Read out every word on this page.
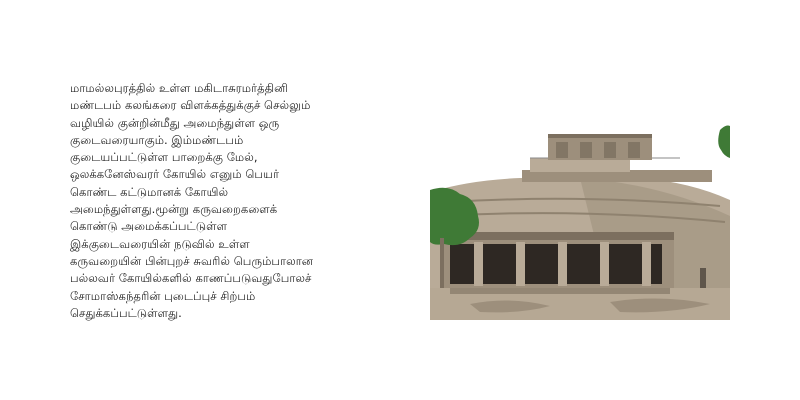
மாமல்லபுரத்தில் உள்ள மகிடாசுரமர்த்தினி
மண்டபம் கலங்கரை விளக்கத்துக்குச் செல்லும்
வழியில் குன்றின்மீது அமைந்துள்ள ஒரு
குடைவரையாகும். இம்மண்டபம்
குடையப்பட்டுள்ள பாறைக்கு மேல்,
ஒலக்கனேஸ்வரர் கோயில் எனும் பெயர்
கொண்ட கட்டுமானக் கோயில்
அமைந்துள்ளது.மூன்று கருவறைகளைக்
கொண்டு அமைக்கப்பட்டுள்ள
இக்குடைவரையின் நடுவில் உள்ள
கருவறையின் பின்புறச் சுவரில் பெரும்பாலான
பல்லவர் கோயில்களில் காணப்படுவதுபோலச்
சோமாஸ்கந்தரின் புடைப்புச் சிற்பம்
செதுக்கப்பட்டுள்ளது.
